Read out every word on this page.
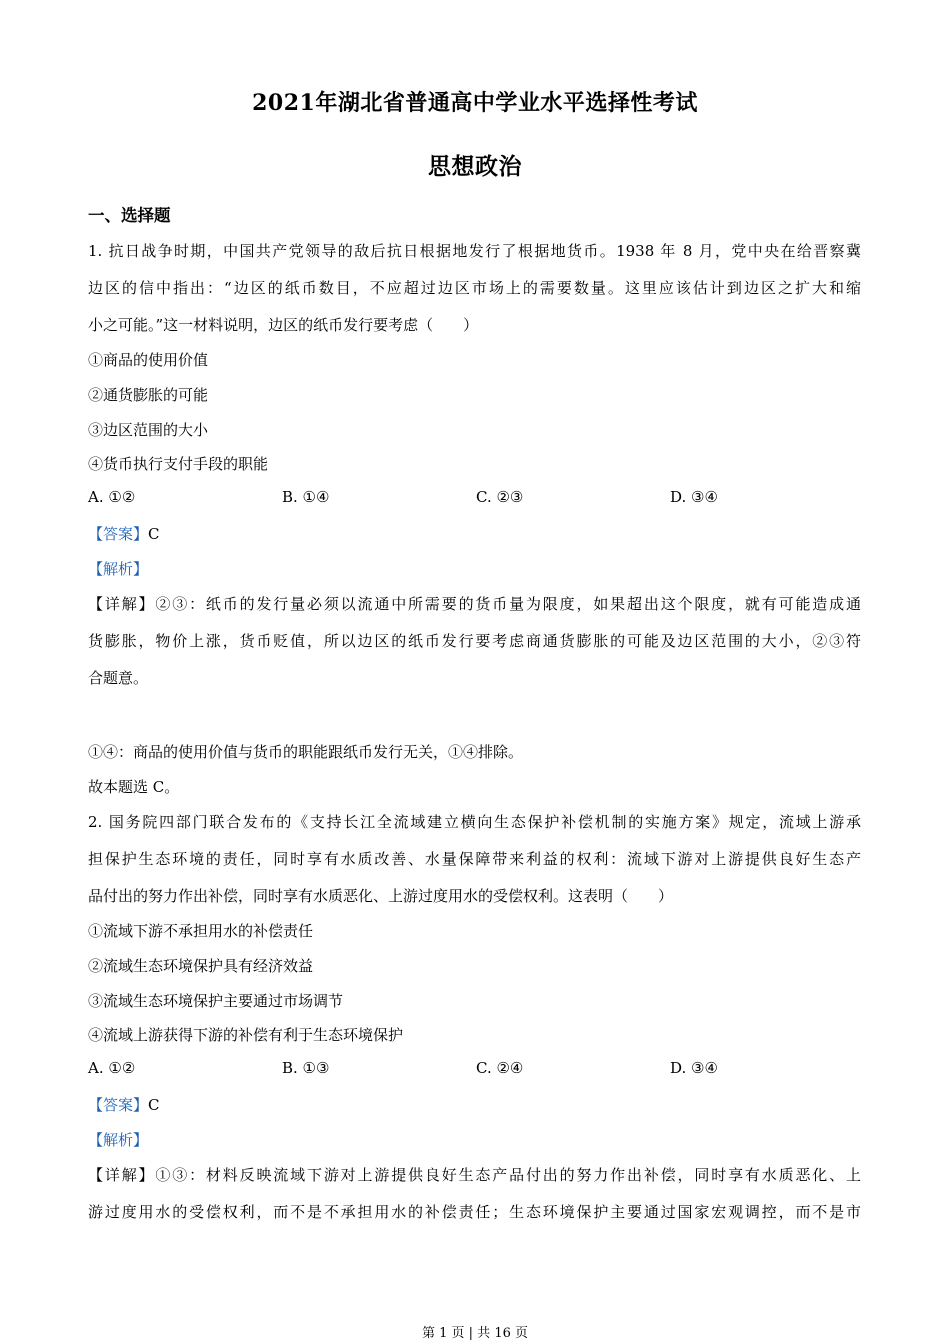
2021年湖北省普通高中学业水平选择性考试
思想政治
一、选择题
1. 抗日战争时期，中国共产党领导的敌后抗日根据地发行了根据地货币。1938 年 8 月，党中央在给晋察冀
边区的信中指出：“边区的纸币数目，不应超过边区市场上的需要数量。这里应该估计到边区之扩大和缩
小之可能。”这一材料说明，边区的纸币发行要考虑（　　）
①商品的使用价值
②通货膨胀的可能
③边区范围的大小
④货币执行支付手段的职能
A. ①②	B. ①④	C. ②③	D. ③④
【答案】C
【解析】
【详解】②③：纸币的发行量必须以流通中所需要的货币量为限度，如果超出这个限度，就有可能造成通
货膨胀，物价上涨，货币贬值，所以边区的纸币发行要考虑商通货膨胀的可能及边区范围的大小，②③符
合题意。
①④：商品的使用价值与货币的职能跟纸币发行无关，①④排除。
故本题选 C。
2. 国务院四部门联合发布的《支持长江全流域建立横向生态保护补偿机制的实施方案》规定，流域上游承
担保护生态环境的责任，同时享有水质改善、水量保障带来利益的权利：流域下游对上游提供良好生态产
品付出的努力作出补偿，同时享有水质恶化、上游过度用水的受偿权利。这表明（　　）
①流域下游不承担用水的补偿责任
②流域生态环境保护具有经济效益
③流域生态环境保护主要通过市场调节
④流域上游获得下游的补偿有利于生态环境保护
A. ①②	B. ①③	C. ②④	D. ③④
【答案】C
【解析】
【详解】①③：材料反映流域下游对上游提供良好生态产品付出的努力作出补偿，同时享有水质恶化、上
游过度用水的受偿权利，而不是不承担用水的补偿责任；生态环境保护主要通过国家宏观调控，而不是市
第 1 页 | 共 16 页
